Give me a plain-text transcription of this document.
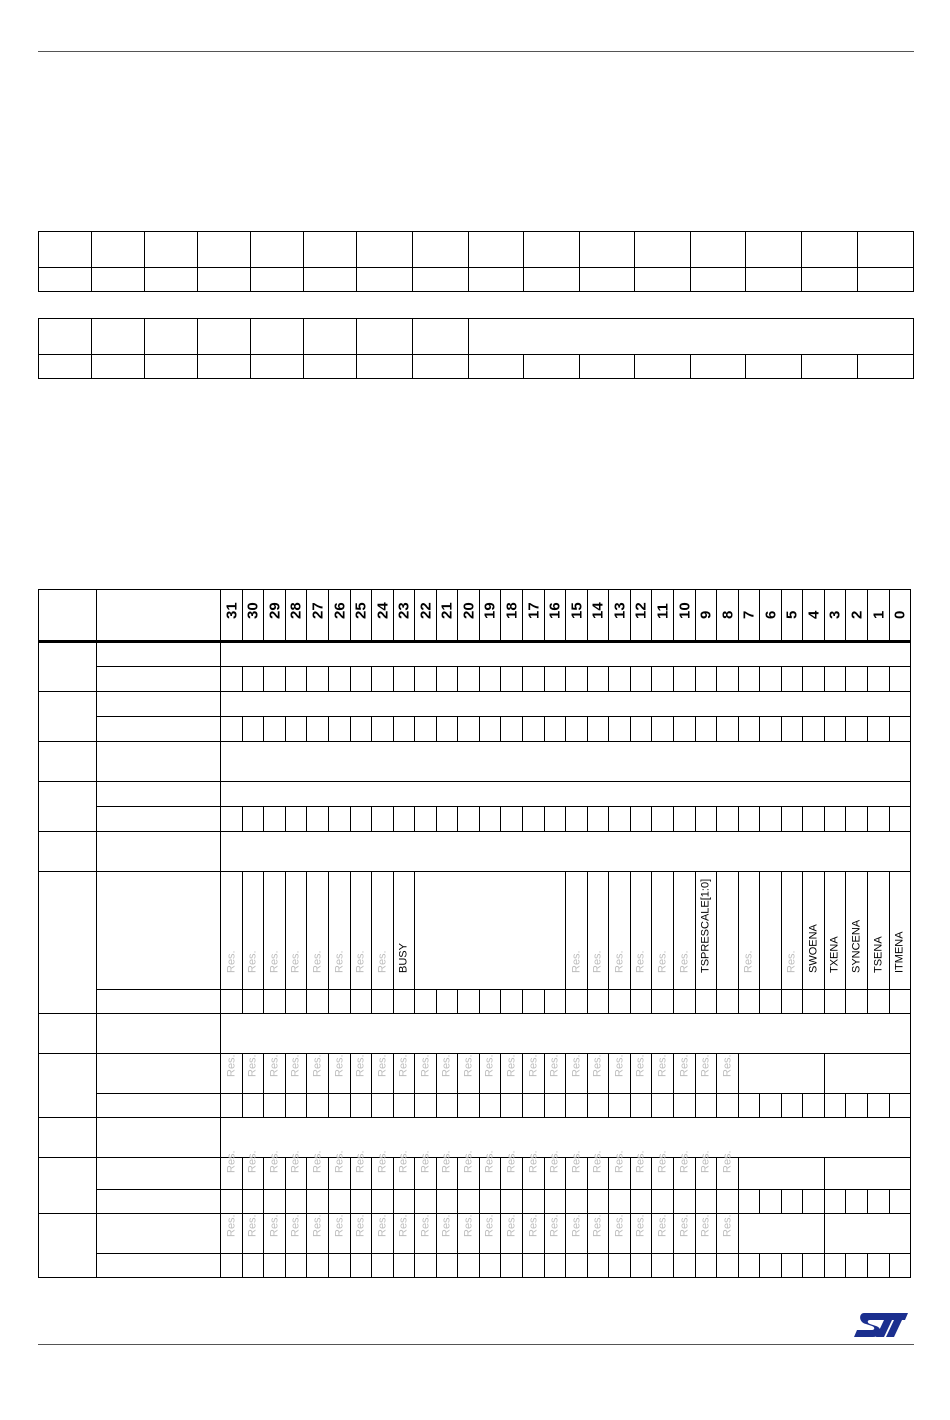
		31	30	29	28	27	26	25	24	23	22	21	20	19	18	17	16	15	14	13	12	11	10	9	8	7	6	5	4	3	2	1	0

		Res.	Res.	Res.	Res.	Res.	Res.	Res.	Res.	BUSY								Res.	Res.	Res.	Res.	Res.	Res.	TSPRESCALE[1:0]		Res.		Res.	SWOENA	TXENA	SYNCENA	TSENA	ITMENA

		Res.	Res.	Res.	Res.	Res.	Res.	Res.	Res.	Res.	Res.	Res.	Res.	Res.	Res.	Res.	Res.	Res.	Res.	Res.	Res.	Res.	Res.	Res.	Res.								

		Res.	Res.	Res.	Res.	Res.	Res.	Res.	Res.	Res.	Res.	Res.	Res.	Res.	Res.	Res.	Res.	Res.	Res.	Res.	Res.	Res.	Res.	Res.	Res.								

		Res.	Res.	Res.	Res.	Res.	Res.	Res.	Res.	Res.	Res.	Res.	Res.	Res.	Res.	Res.	Res.	Res.	Res.	Res.	Res.	Res.	Res.	Res.	Res.								
